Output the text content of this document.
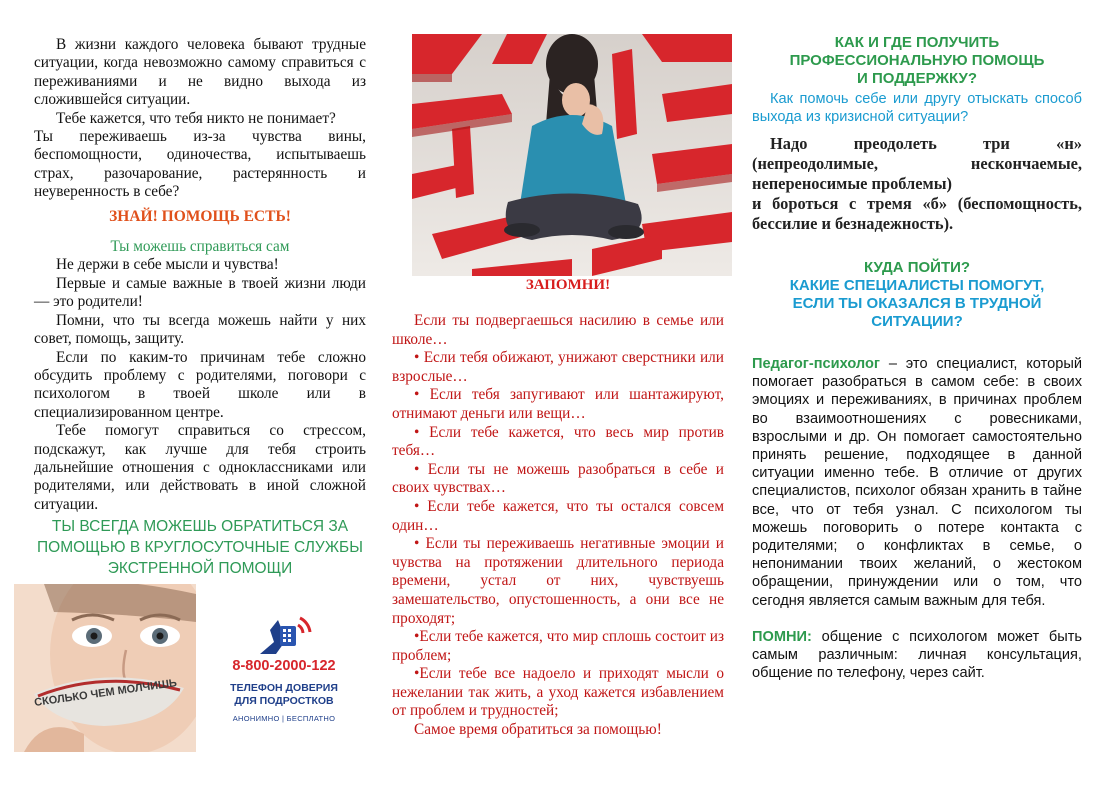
В жизни каждого человека бывают трудные ситуации, когда невозможно самому справиться с переживаниями и не видно выхода из сложившейся ситуации.

Тебе кажется, что тебя никто не понимает?

Ты переживаешь из-за чувства вины, беспомощности, одиночества, испытываешь страх, разочарование, растерянность и неуверенность в себе?

ЗНАЙ! ПОМОЩЬ ЕСТЬ!

Ты можешь справиться сам

Не держи в себе мысли и чувства!

Первые и самые важные в твоей жизни люди — это родители!

Помни, что ты всегда можешь найти у них совет, помощь, защиту.

Если по каким-то причинам тебе сложно обсудить проблему с родителями, поговори с психологом в твоей школе или в специализированном центре.

Тебе помогут справиться со стрессом, подскажут, как лучше для тебя строить дальнейшие отношения с одноклассниками или родителями, или действовать в иной сложной ситуации.

ТЫ ВСЕГДА МОЖЕШЬ ОБРАТИТЬСЯ ЗА ПОМОЩЬЮ В КРУГЛОСУТОЧНЫЕ СЛУЖБЫ ЭКСТРЕННОЙ ПОМОЩИ

СКОЛЬКО ЧЕМ МОЛЧИШЬ
8-800-2000-122
ТЕЛЕФОН ДОВЕРИЯ
ДЛЯ ПОДРОСТКОВ
АНОНИМНО | БЕСПЛАТНО

ЗАПОМНИ!

Если ты подвергаешься насилию в семье или школе…

• Если тебя обижают, унижают сверстники или взрослые…

• Если тебя запугивают или шантажируют, отнимают деньги или вещи…

• Если тебе кажется, что весь мир против тебя…

• Если ты не можешь разобраться в себе и своих чувствах…

• Если тебе кажется, что ты остался совсем один…

• Если ты переживаешь негативные эмоции и чувства на протяжении длительного периода времени, устал от них, чувствуешь замешательство, опустошенность, а они все не проходят;

•Если тебе кажется, что мир сплошь состоит из проблем;

•Если тебе все надоело и приходят мысли о нежелании так жить, а уход кажется избавлением от проблем и трудностей;

Самое время обратиться за помощью!

КАК И ГДЕ ПОЛУЧИТЬ ПРОФЕССИОНАЛЬНУЮ ПОМОЩЬ И ПОДДЕРЖКУ?

Как помочь себе или другу отыскать способ выхода из кризисной ситуации?

Надо преодолеть три «н» (непреодолимые, нескончаемые, непереносимые проблемы)

и бороться с тремя «б» (беспомощность, бессилие и безнадежность).

КУДА ПОЙТИ?

КАКИЕ СПЕЦИАЛИСТЫ ПОМОГУТ, ЕСЛИ ТЫ ОКАЗАЛСЯ В ТРУДНОЙ СИТУАЦИИ?

Педагог-психолог – это специалист, который помогает разобраться в самом себе: в своих эмоциях и переживаниях, в причинах проблем во взаимоотношениях с ровесниками, взрослыми и др. Он помогает самостоятельно принять решение, подходящее в данной ситуации именно тебе. В отличие от других специалистов, психолог обязан хранить в тайне все, что от тебя узнал. С психологом ты можешь поговорить о потере контакта с родителями; о конфликтах в семье, о непонимании твоих желаний, о жестоком обращении, принуждении или о том, что сегодня является самым важным для тебя.

ПОМНИ: общение с психологом может быть самым различным: личная консультация, общение по телефону, через сайт.
